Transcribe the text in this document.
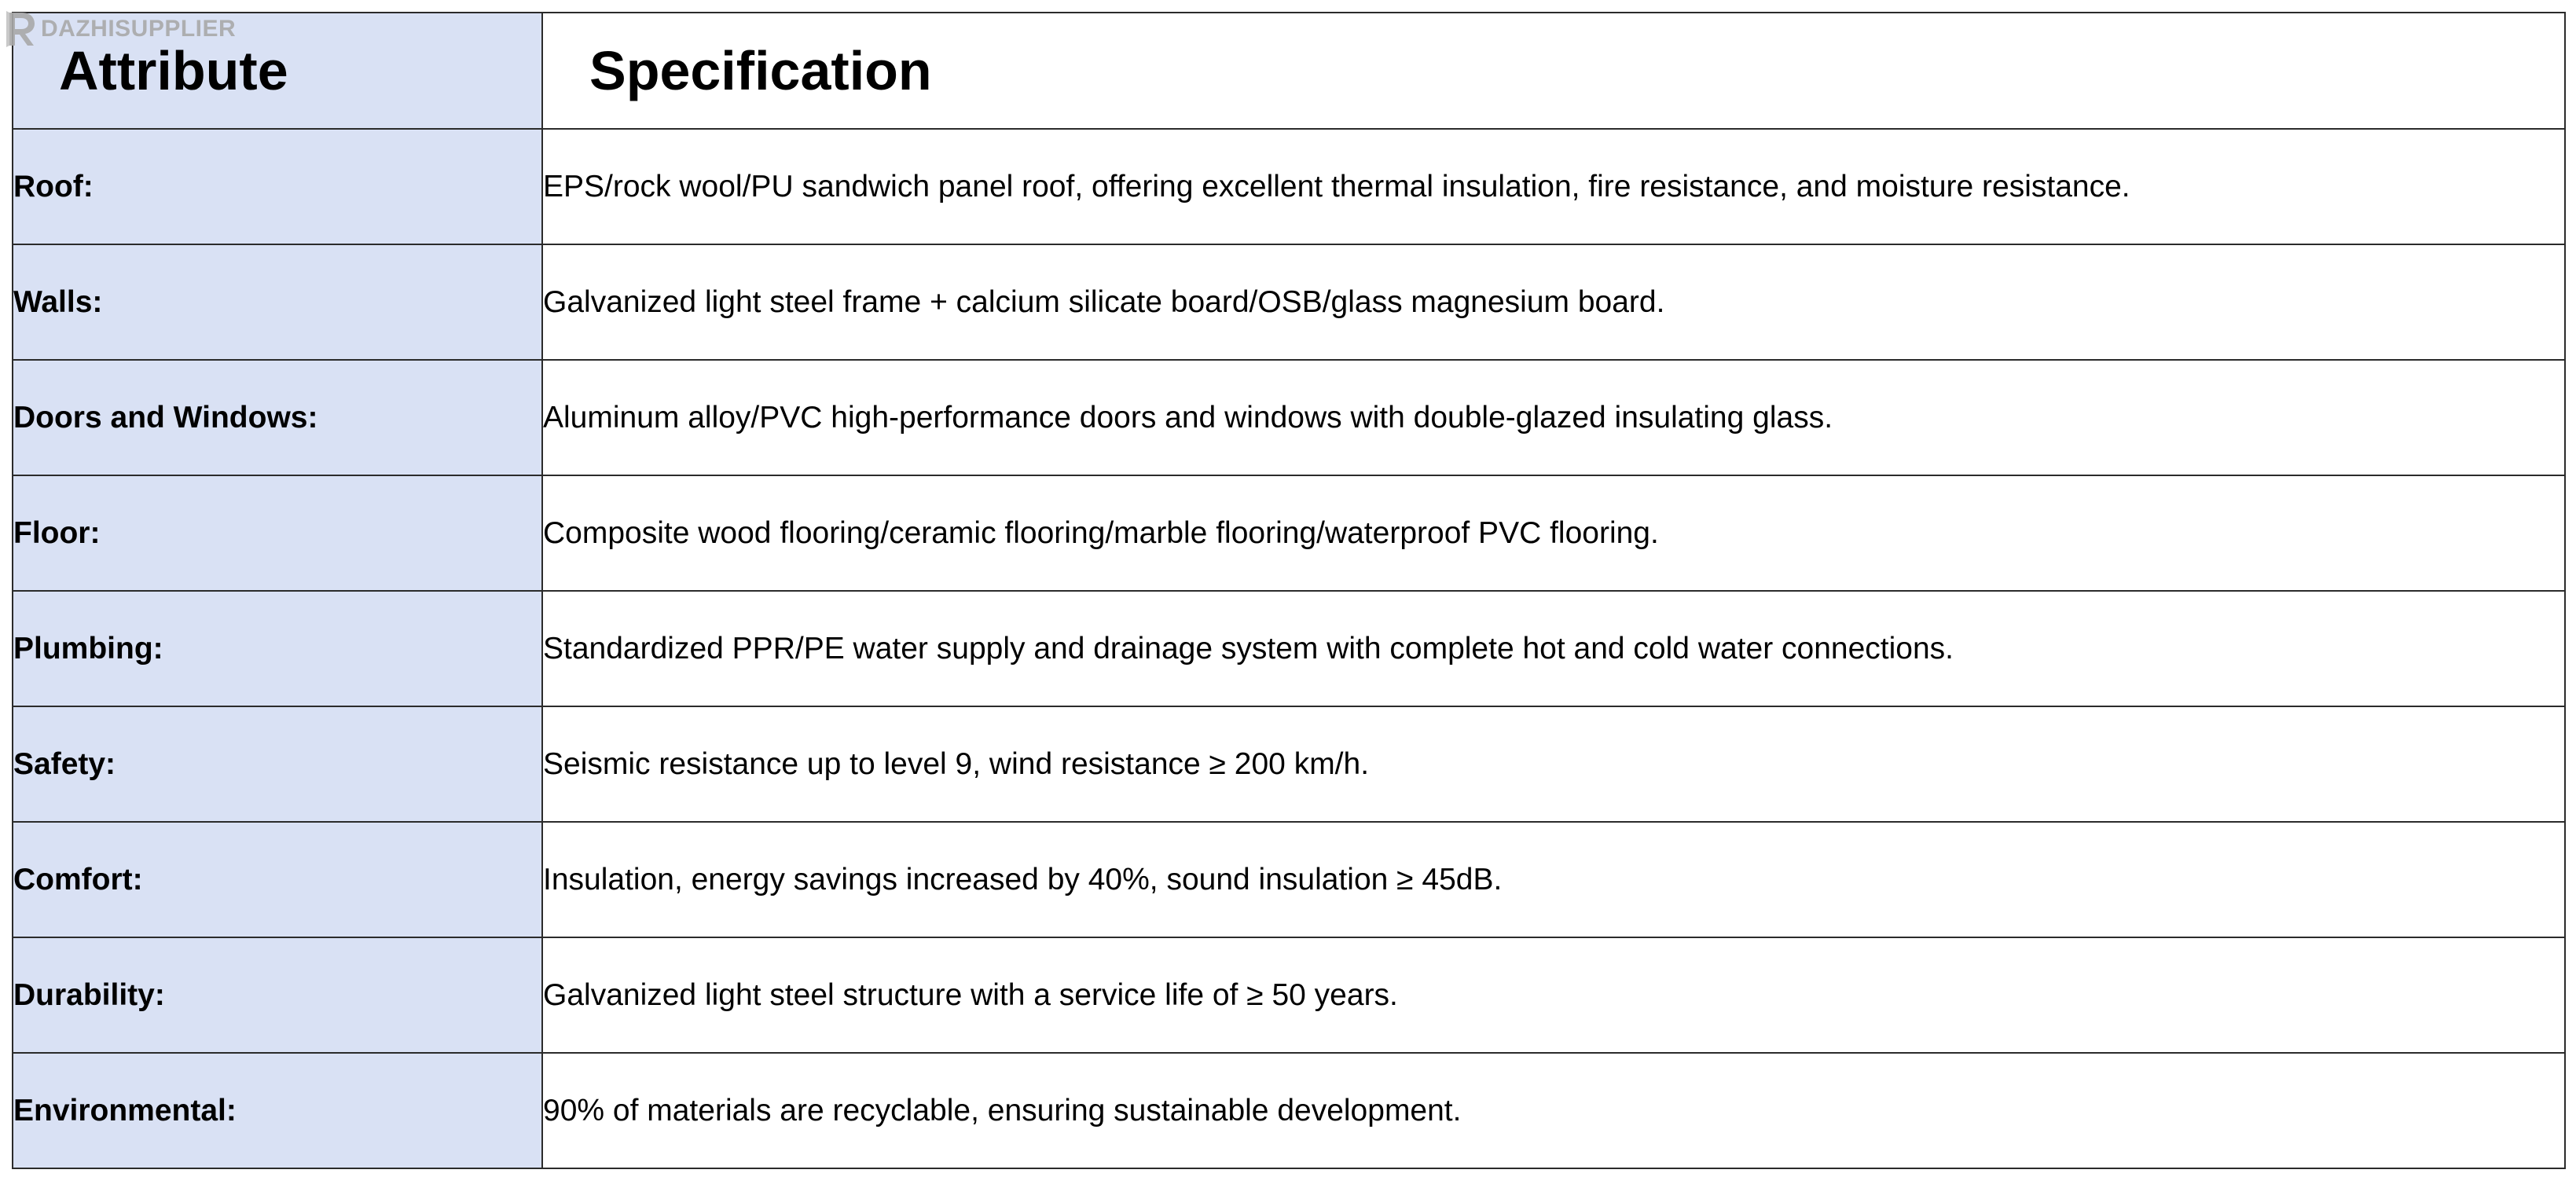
DAZHISUPPLIER
Attribute	Specification
Roof:	EPS/rock wool/PU sandwich panel roof, offering excellent thermal insulation, fire resistance, and moisture resistance.
Walls:	Galvanized light steel frame + calcium silicate board/OSB/glass magnesium board.
Doors and Windows:	Aluminum alloy/PVC high-performance doors and windows with double-glazed insulating glass.
Floor:	Composite wood flooring/ceramic flooring/marble flooring/waterproof PVC flooring.
Plumbing:	Standardized PPR/PE water supply and drainage system with complete hot and cold water connections.
Safety:	Seismic resistance up to level 9, wind resistance ≥ 200 km/h.
Comfort:	Insulation, energy savings increased by 40%, sound insulation ≥ 45dB.
Durability:	Galvanized light steel structure with a service life of ≥ 50 years.
Environmental:	90% of materials are recyclable, ensuring sustainable development.
